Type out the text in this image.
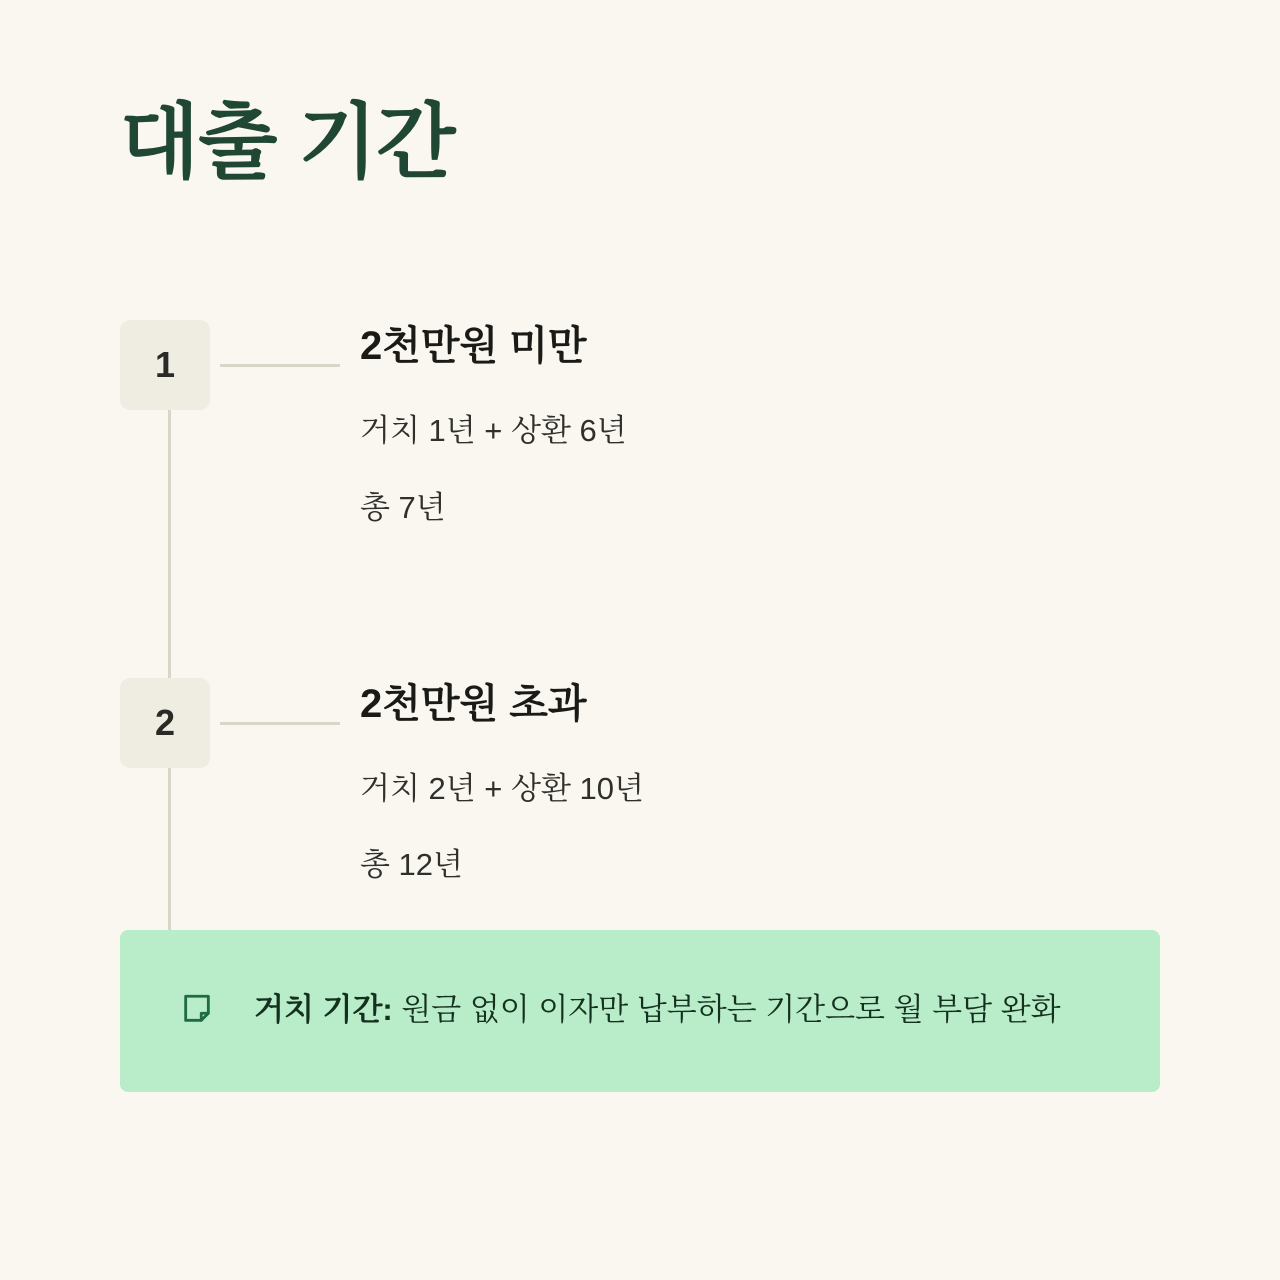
대출 기간
1	2천만원 미만

거치 1년 + 상환 6년

총 7년

2	2천만원 초과

거치 2년 + 상환 10년

총 12년

거치 기간: 원금 없이 이자만 납부하는 기간으로 월 부담 완화
